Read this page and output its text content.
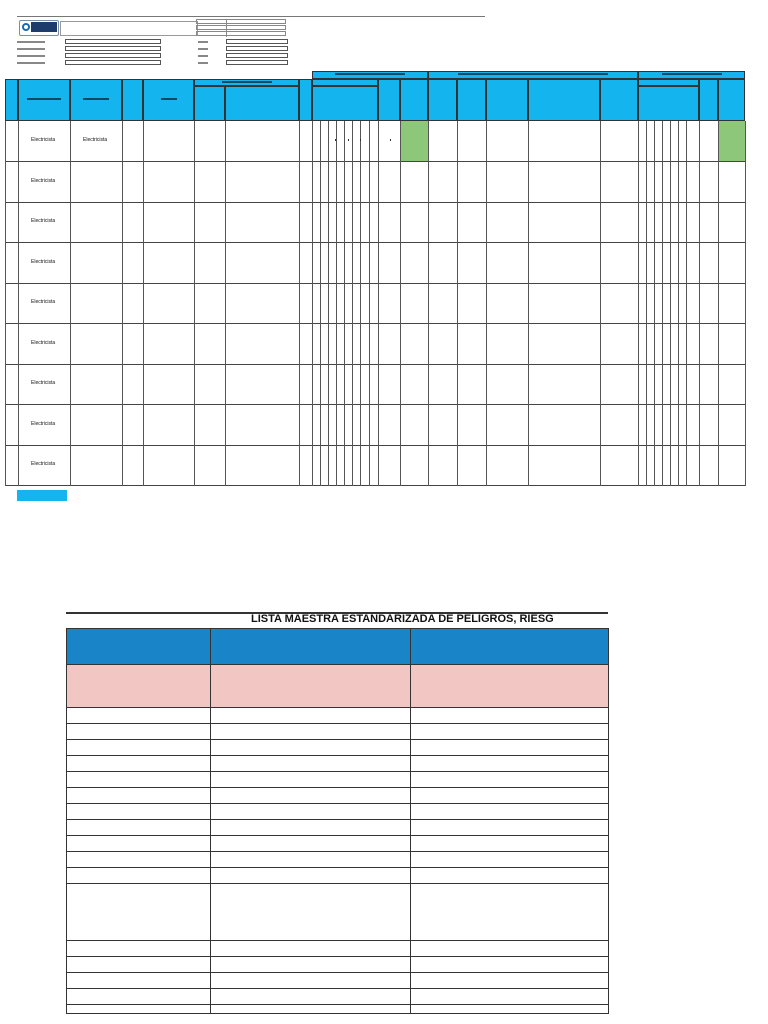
Electricista	Electricista
Electricista
Electricista
Electricista
Electricista
Electricista
Electricista
Electricista
Electricista
LISTA MAESTRA ESTANDARIZADA DE PELIGROS, RIESG
